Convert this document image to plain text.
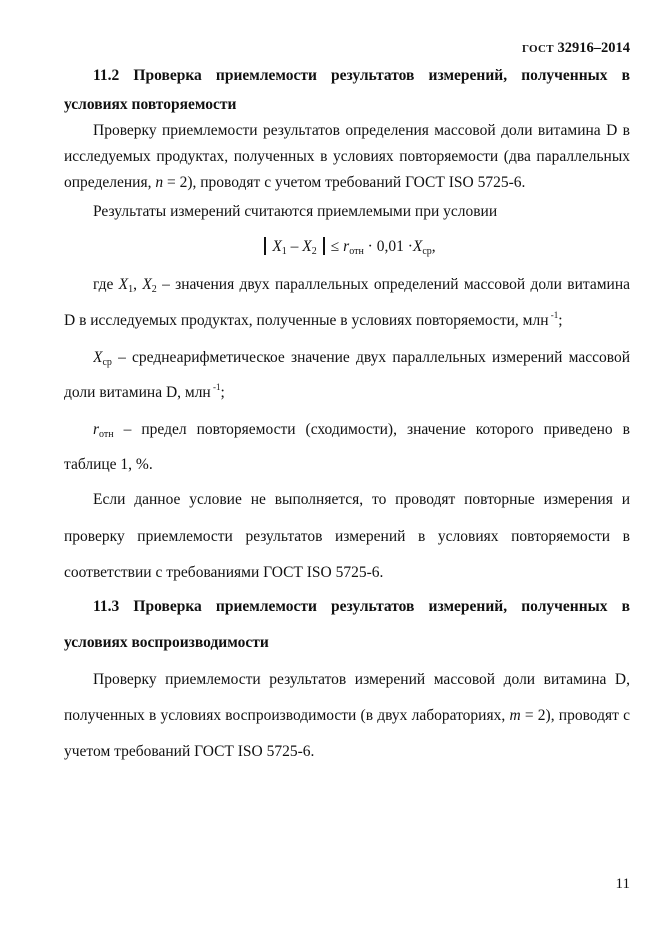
ГОСТ 32916–2014
11.2 Проверка приемлемости результатов измерений, полученных в
условиях повторяемости
Проверку приемлемости результатов определения массовой доли витамина D в
исследуемых продуктах, полученных в условиях повторяемости (два параллельных
определения, n = 2), проводят с учетом требований ГОСТ ISO 5725-6.
Результаты измерений считаются приемлемыми при условии
$X_1 - X_2 \le r_{отн} \cdot 0,01 \cdot X_{ср}$,
где $X_1$, $X_2$ – значения двух параллельных определений массовой доли витамина
D в исследуемых продуктах, полученные в условиях повторяемости, млн $^{-1}$;
$X_{ср}$ – среднеарифметическое значение двух параллельных измерений массовой
доли витамина D, млн $^{-1}$;
$r_{отн}$ – предел повторяемости (сходимости), значение которого приведено в
таблице 1, %.
Если данное условие не выполняется, то проводят повторные измерения и
проверку приемлемости результатов измерений в условиях повторяемости в
соответствии с требованиями ГОСТ ISO 5725-6.
11.3 Проверка приемлемости результатов измерений, полученных в
условиях воспроизводимости
Проверку приемлемости результатов измерений массовой доли витамина D,
полученных в условиях воспроизводимости (в двух лабораториях, m = 2), проводят с
учетом требований ГОСТ ISO 5725-6.
11
